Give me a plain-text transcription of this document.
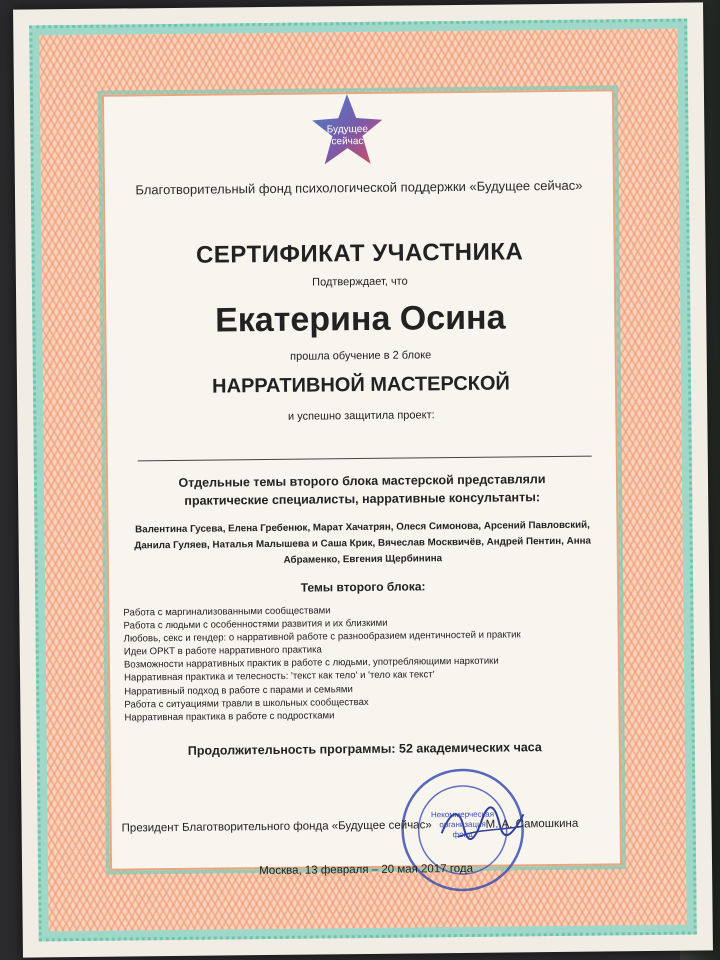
Будущее
сейчас
Благотворительный фонд психологической поддержки «Будущее сейчас»
СЕРТИФИКАТ УЧАСТНИКА
Подтверждает, что
Екатерина Осина
прошла обучение в 2 блоке
НАРРАТИВНОЙ МАСТЕРСКОЙ
и успешно защитила проект:
Отдельные темы второго блока мастерской представляли практические специалисты, нарративные консультанты:
Валентина Гусева, Елена Гребенюк, Марат Хачатрян, Олеся Симонова, Арсений Павловский, Данила Гуляев, Наталья Малышева и Саша Крик, Вячеслав Москвичёв, Андрей Пентин, Анна Абраменко, Евгения Щербинина
Темы второго блока:
Работа с маргинализованными сообществами
Работа с людьми с особенностями развития и их близкими
Любовь, секс и гендер: о нарративной работе с разнообразием идентичностей и практик
Идеи ОРКТ в работе нарративного практика
Возможности нарративных практик в работе с людьми, употребляющими наркотики
Нарративная практика и телесность: 'текст как тело' и 'тело как текст'
Нарративный подход в работе с парами и семьями
Работа с ситуациями травли в школьных сообществах
Нарративная практика в работе с подростками
Продолжительность программы: 52 академических часа
Некоммерческая
организация
фонд
Президент Благотворительного фонда «Будущее сейчас»	М. А. Самошкина
Москва, 13 февраля – 20 мая 2017 года
